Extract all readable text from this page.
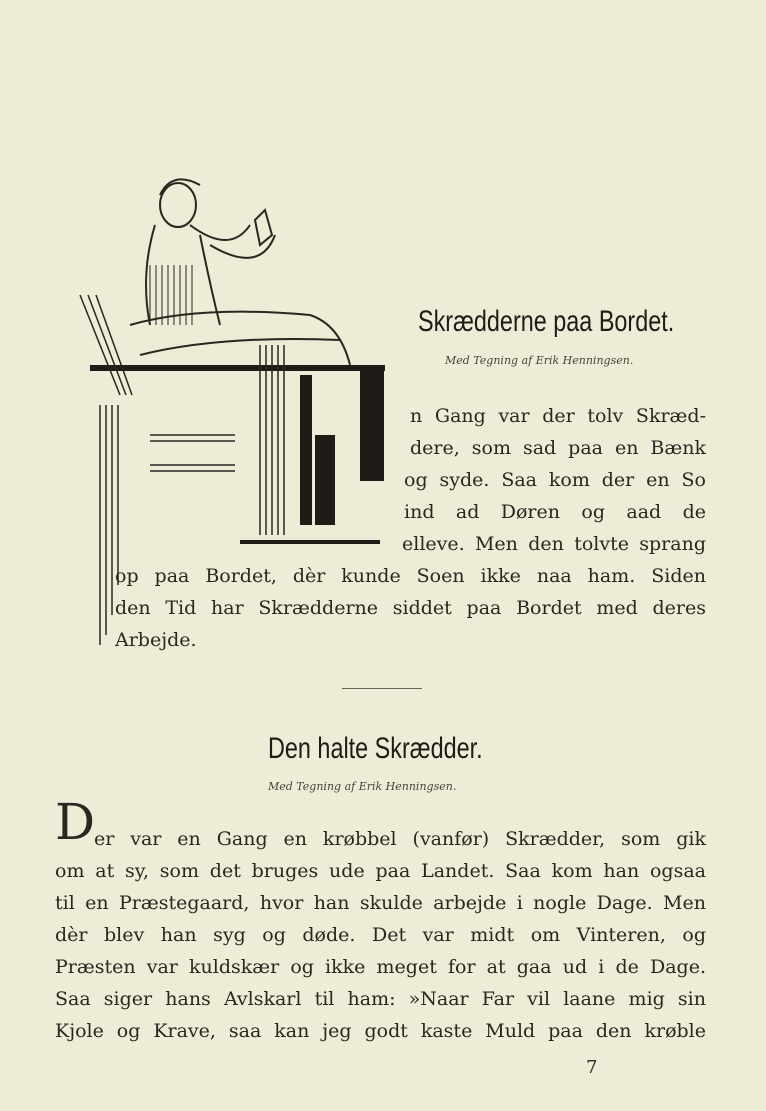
Skrædderne paa Bordet.
Med Tegning af Erik Henningsen.
n Gang var der tolv Skræd-
dere, som sad paa en Bænk
og syde. Saa kom der en So
ind ad Døren og aad de
elleve. Men den tolvte sprang
op paa Bordet, dèr kunde Soen ikke naa ham. Siden
den Tid har Skrædderne siddet paa Bordet med deres
Arbejde.
Den halte Skrædder.
Med Tegning af Erik Henningsen.
D
er var en Gang en krøbbel (vanfør) Skrædder, som gik
om at sy, som det bruges ude paa Landet. Saa kom han ogsaa
til en Præstegaard, hvor han skulde arbejde i nogle Dage. Men
dèr blev han syg og døde. Det var midt om Vinteren, og
Præsten var kuldskær og ikke meget for at gaa ud i de Dage.
Saa siger hans Avlskarl til ham: »Naar Far vil laane mig sin
Kjole og Krave, saa kan jeg godt kaste Muld paa den krøble
7
